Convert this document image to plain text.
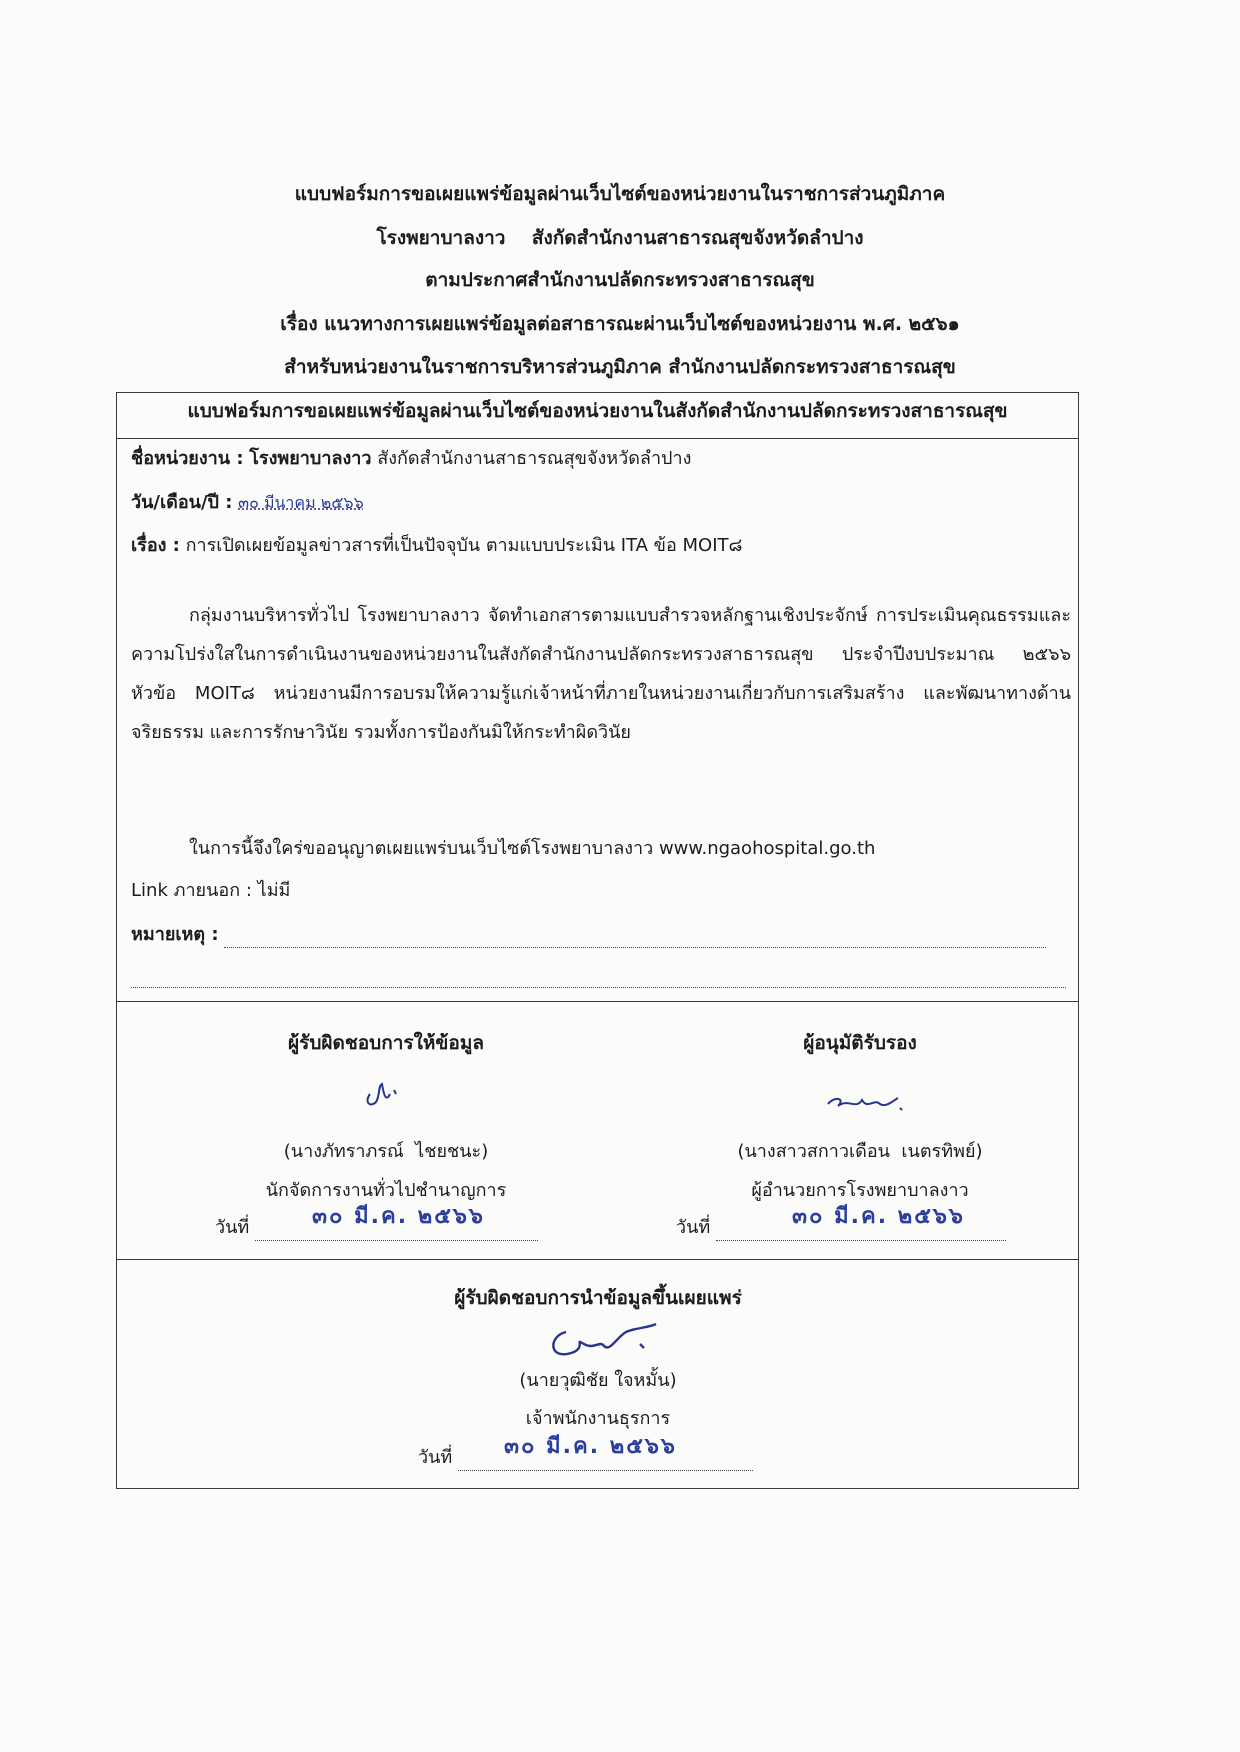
แบบฟอร์มการขอเผยแพร่ข้อมูลผ่านเว็บไซต์ของหน่วยงานในราชการส่วนภูมิภาค
โรงพยาบาลงาว    สังกัดสำนักงานสาธารณสุขจังหวัดลำปาง
ตามประกาศสำนักงานปลัดกระทรวงสาธารณสุข
เรื่อง แนวทางการเผยแพร่ข้อมูลต่อสาธารณะผ่านเว็บไซต์ของหน่วยงาน พ.ศ. ๒๕๖๑
สำหรับหน่วยงานในราชการบริหารส่วนภูมิภาค สำนักงานปลัดกระทรวงสาธารณสุข
แบบฟอร์มการขอเผยแพร่ข้อมูลผ่านเว็บไซต์ของหน่วยงานในสังกัดสำนักงานปลัดกระทรวงสาธารณสุข
ชื่อหน่วยงาน : โรงพยาบาลงาว สังกัดสำนักงานสาธารณสุขจังหวัดลำปาง
วัน/เดือน/ปี : ๓๐ มีนาคม ๒๕๖๖
เรื่อง : การเปิดเผยข้อมูลข่าวสารที่เป็นปัจจุบัน ตามแบบประเมิน ITA ข้อ MOIT๘
กลุ่มงานบริหารทั่วไป โรงพยาบาลงาว จัดทำเอกสารตามแบบสำรวจหลักฐานเชิงประจักษ์ การประเมินคุณธรรมและความโปร่งใสในการดำเนินงานของหน่วยงานในสังกัดสำนักงานปลัดกระทรวงสาธารณสุข ประจำปีงบประมาณ ๒๕๖๖ หัวข้อ MOIT๘ หน่วยงานมีการอบรมให้ความรู้แก่เจ้าหน้าที่ภายในหน่วยงานเกี่ยวกับการเสริมสร้าง และพัฒนาทางด้านจริยธรรม และการรักษาวินัย รวมทั้งการป้องกันมิให้กระทำผิดวินัย
ในการนี้จึงใคร่ขออนุญาตเผยแพร่บนเว็บไซต์โรงพยาบาลงาว www.ngaohospital.go.th
Link ภายนอก : ไม่มี
หมายเหตุ :
ผู้รับผิดชอบการให้ข้อมูล
(นางภัทราภรณ์  ไชยชนะ)
นักจัดการงานทั่วไปชำนาญการ
วันที่	๓๐ มี.ค. ๒๕๖๖
ผู้อนุมัติรับรอง
(นางสาวสกาวเดือน  เนตรทิพย์)
ผู้อำนวยการโรงพยาบาลงาว
วันที่	๓๐ มี.ค. ๒๕๖๖
ผู้รับผิดชอบการนำข้อมูลขึ้นเผยแพร่
(นายวุฒิชัย ใจหมั้น)
เจ้าพนักงานธุรการ
วันที่	๓๐ มี.ค. ๒๕๖๖
